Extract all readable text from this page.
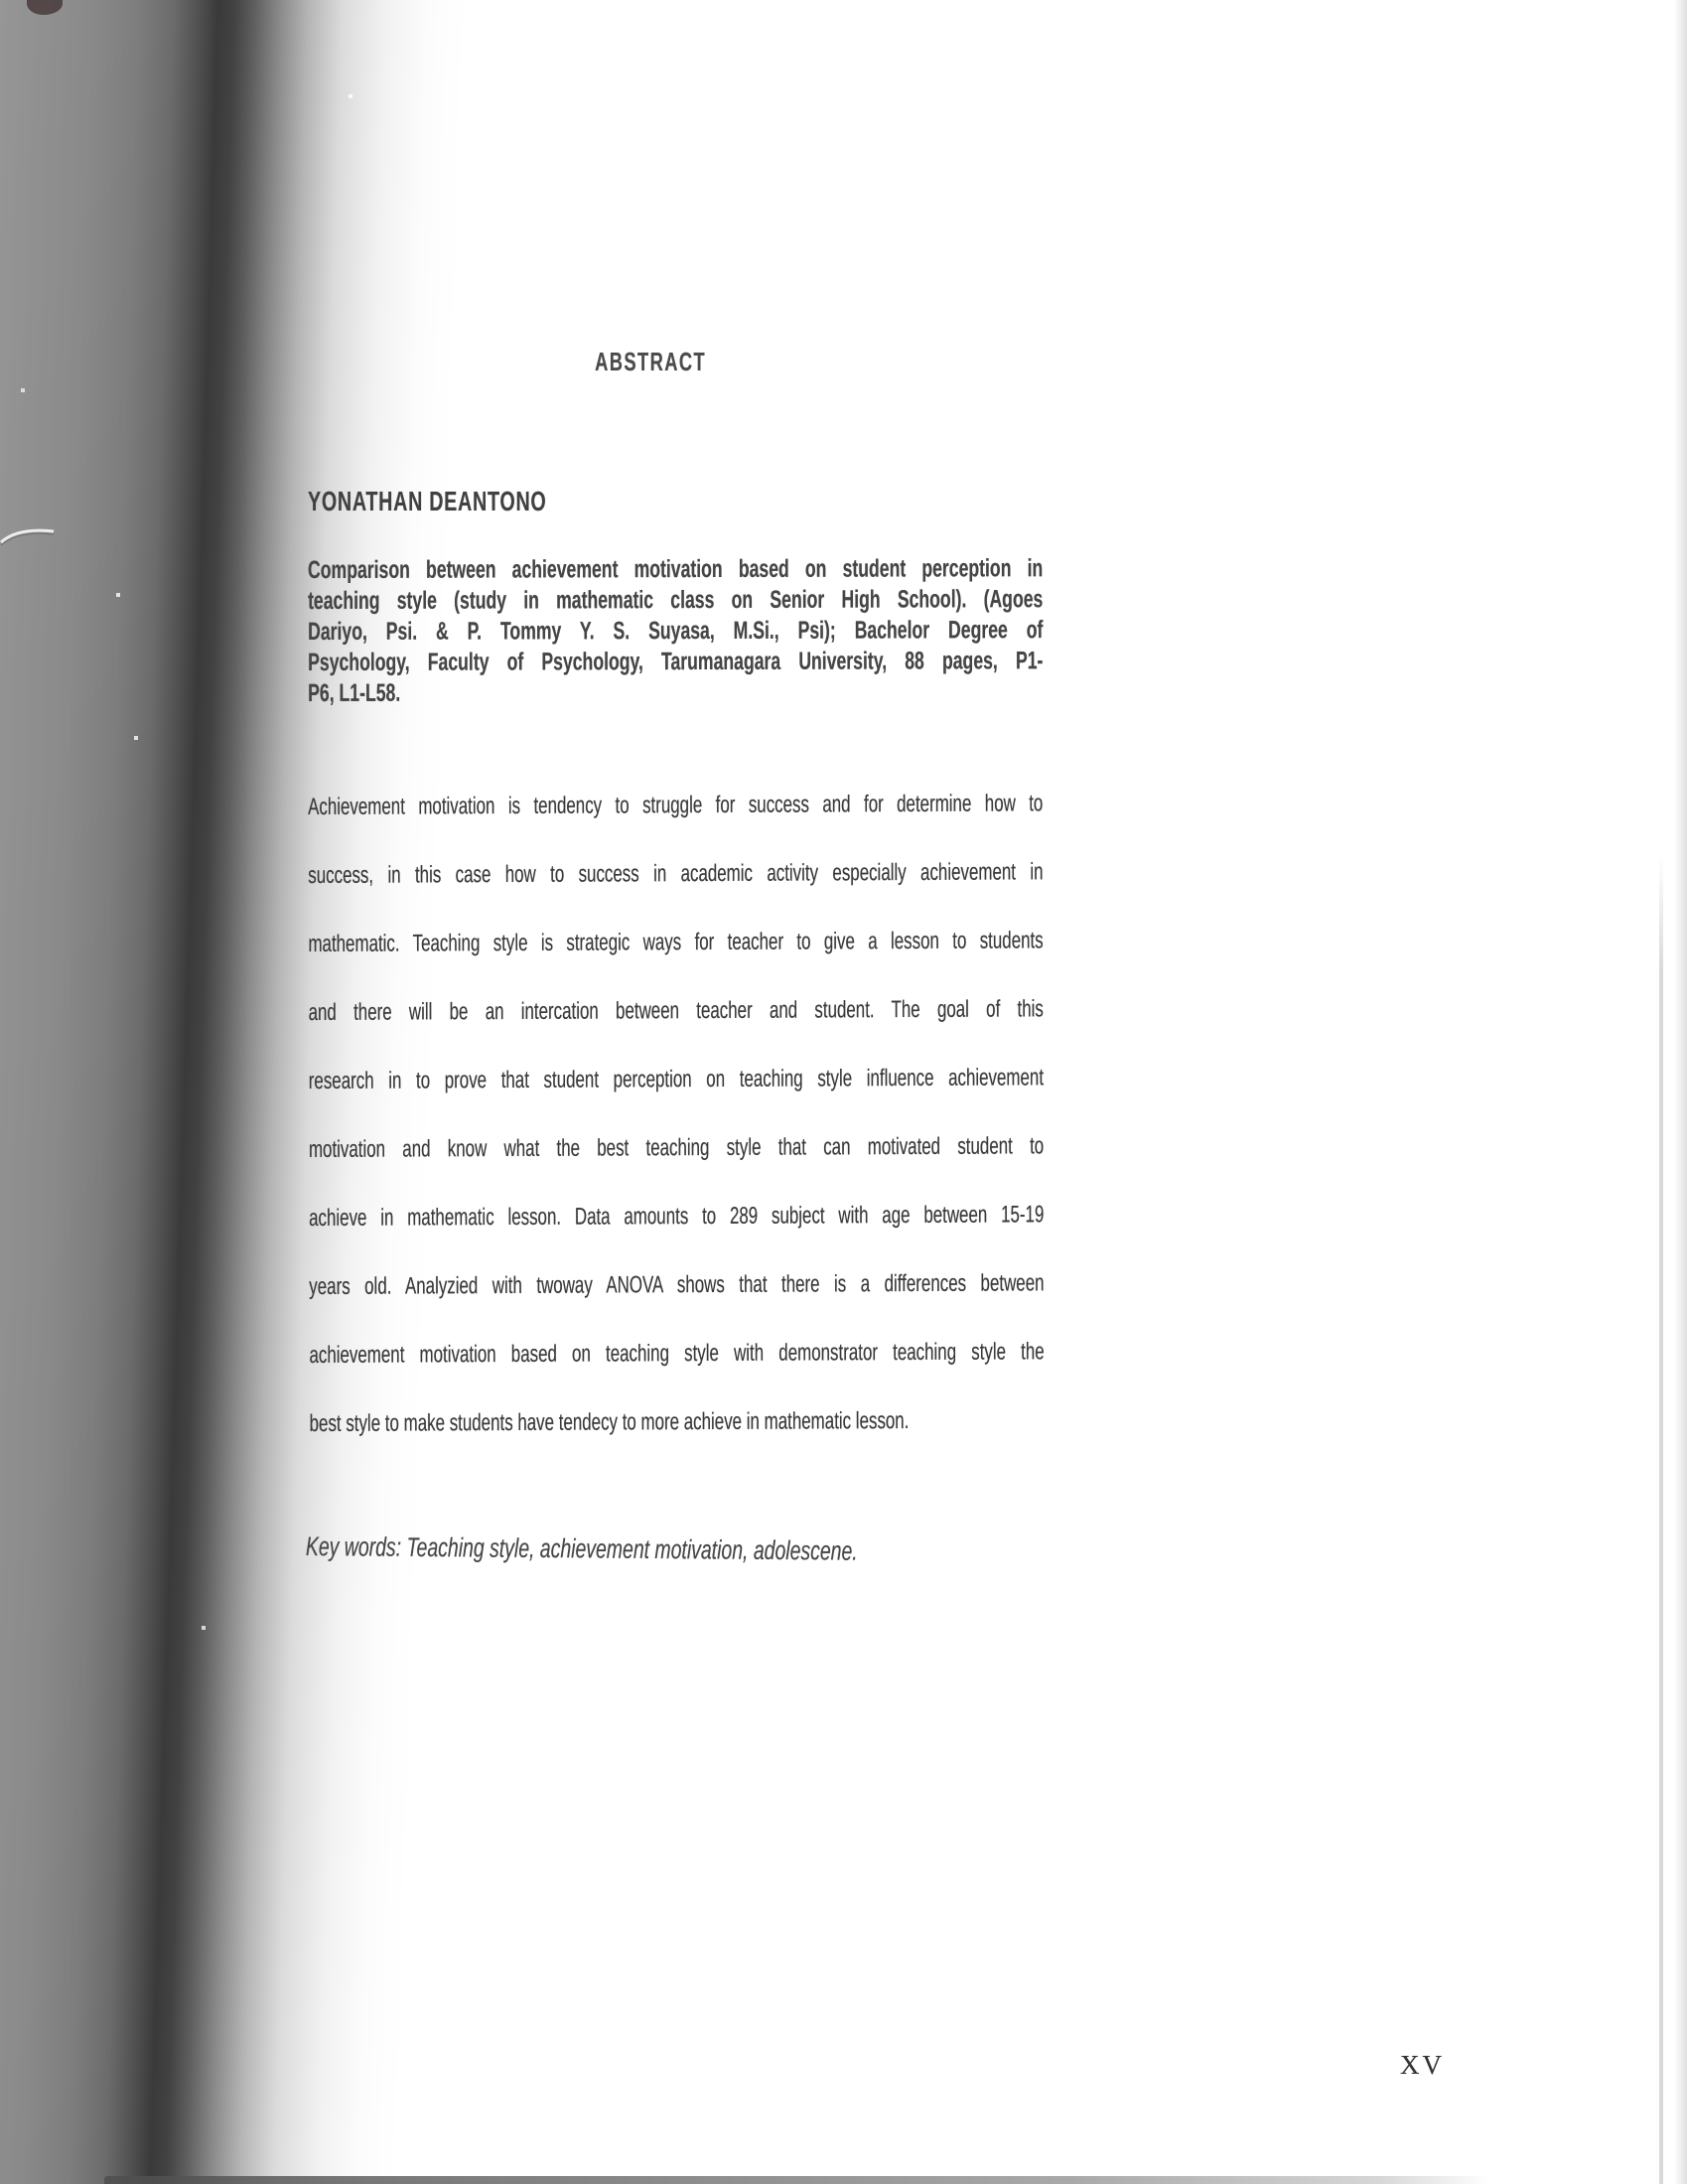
ABSTRACT
YONATHAN DEANTONO
Comparison between achievement motivation based on student perception in
teaching style (study in mathematic class on Senior High School). (Agoes
Dariyo, Psi. & P. Tommy Y. S. Suyasa, M.Si., Psi); Bachelor Degree of
Psychology, Faculty of Psychology, Tarumanagara University, 88 pages, P1-
P6, L1-L58.
Achievement motivation is tendency to struggle for success and for determine how to
success, in this case how to success in academic activity especially achievement in
mathematic. Teaching style is strategic ways for teacher to give a lesson to students
and there will be an intercation between teacher and student. The goal of this
research in to prove that student perception on teaching style influence achievement
motivation and know what the best teaching style that can motivated student to
achieve in mathematic lesson. Data amounts to 289 subject with age between 15-19
years old. Analyzied with twoway ANOVA shows that there is a differences between
achievement motivation based on teaching style with demonstrator teaching style the
best style to make students have tendecy to more achieve in mathematic lesson.
Key words: Teaching style, achievement motivation, adolescene.
XV
